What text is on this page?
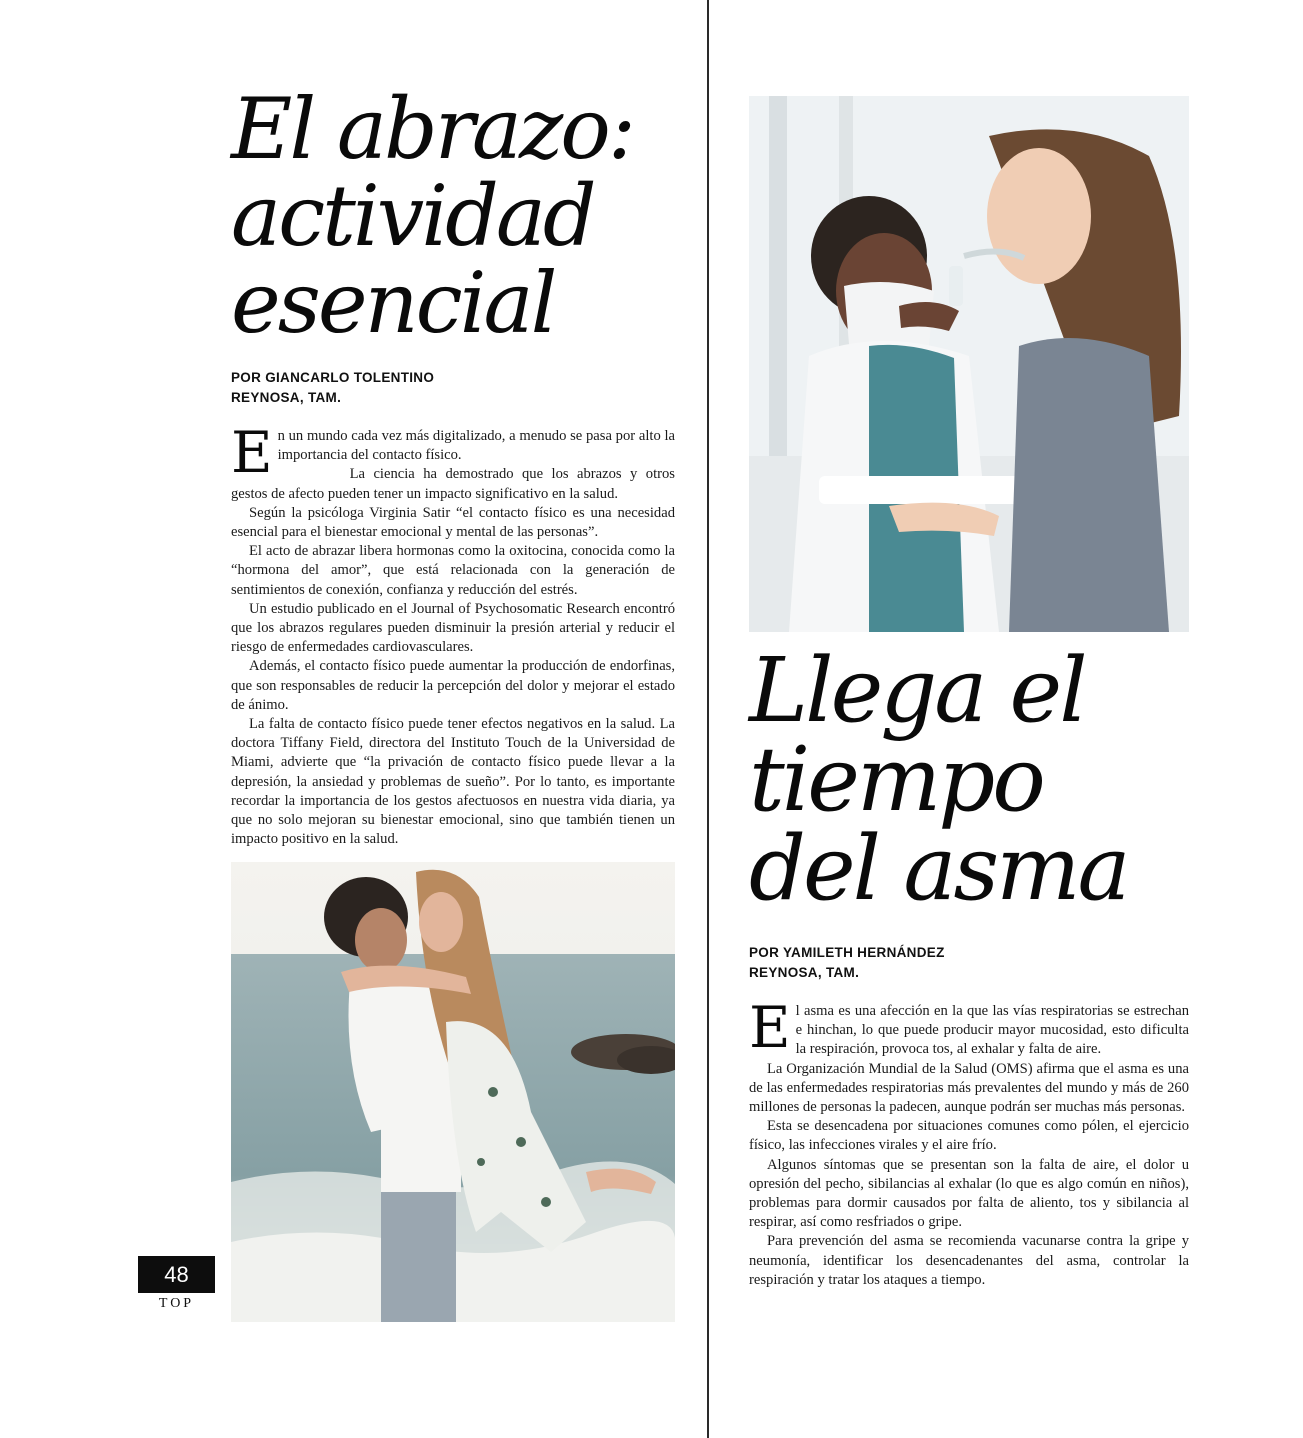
El abrazo:
actividad
esencial
POR GIANCARLO TOLENTINO
REYNOSA, TAM.

En un mundo cada vez más digitalizado, a menudo se pasa por alto la importancia del contacto físico.

La ciencia ha demostrado que los abrazos y otros gestos de afecto pueden tener un impacto significativo en la salud.

Según la psicóloga Virginia Satir “el contacto físico es una necesidad esencial para el bienestar emocional y mental de las personas”.

El acto de abrazar libera hormonas como la oxitocina, conocida como la “hormona del amor”, que está relacionada con la generación de sentimientos de conexión, confianza y reducción del estrés.

Un estudio publicado en el Journal of Psychosomatic Research encontró que los abrazos regulares pueden disminuir la presión arterial y reducir el riesgo de enfermedades cardiovasculares.

Además, el contacto físico puede aumentar la producción de endorfinas, que son responsables de reducir la percepción del dolor y mejorar el estado de ánimo.

La falta de contacto físico puede tener efectos negativos en la salud. La doctora Tiffany Field, directora del Instituto Touch de la Universidad de Miami, advierte que “la privación de contacto físico puede llevar a la depresión, la ansiedad y problemas de sueño”. Por lo tanto, es importante recordar la importancia de los gestos afectuosos en nuestra vida diaria, ya que no solo mejoran su bienestar emocional, sino que también tienen un impacto positivo en la salud.

Llega el
tiempo
del asma
POR YAMILETH HERNÁNDEZ
REYNOSA, TAM.

El asma es una afección en la que las vías respiratorias se estrechan e hinchan, lo que puede producir mayor mucosidad, esto dificulta la respiración, provoca tos, al exhalar y falta de aire.

La Organización Mundial de la Salud (OMS) afirma que el asma es una de las enfermedades respiratorias más prevalentes del mundo y más de 260 millones de personas la padecen, aunque podrán ser muchas más personas.

Esta se desencadena por situaciones comunes como pólen, el ejercicio físico, las infecciones virales y el aire frío.

Algunos síntomas que se presentan son la falta de aire, el dolor u opresión del pecho, sibilancias al exhalar (lo que es algo común en niños), problemas para dormir causados por falta de aliento, tos y sibilancia al respirar, así como resfriados o gripe.

Para prevención del asma se recomienda vacunarse contra la gripe y neumonía, identificar los desencadenantes del asma, controlar la respiración y tratar los ataques a tiempo.

48
TOP
